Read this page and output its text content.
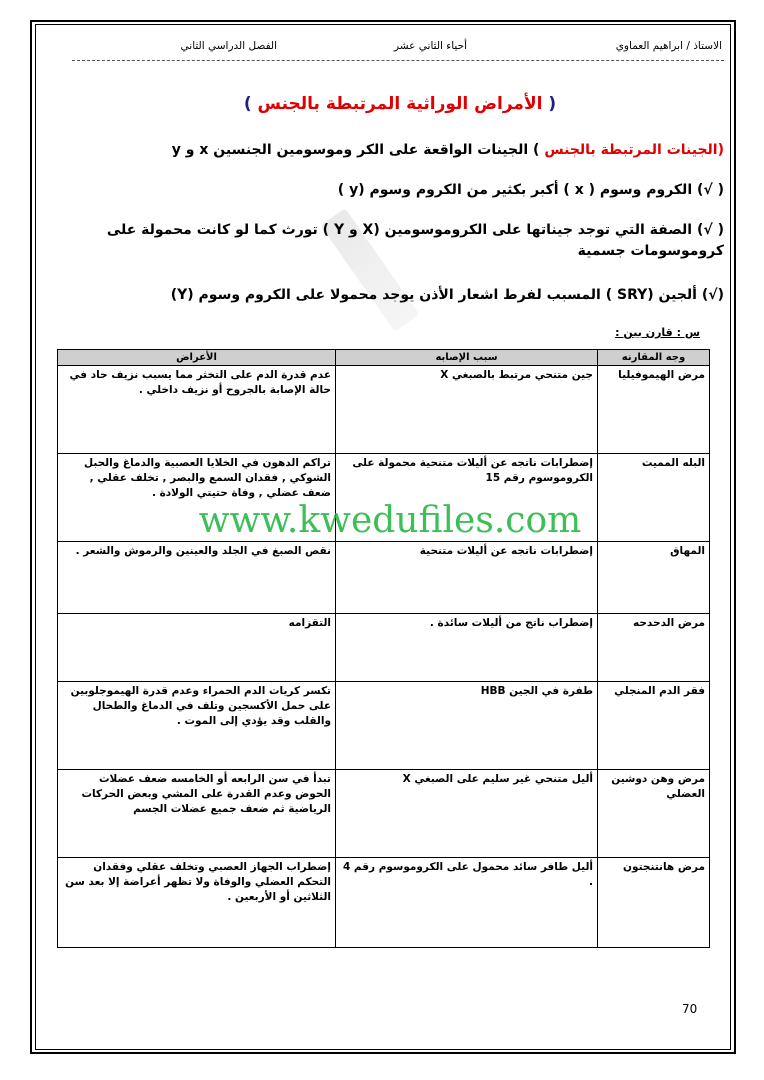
الاستاذ / ابراهيم العماوي
أحياء الثاني عشر
الفصل الدراسي الثاني
( الأمراض الوراثية المرتبطة بالجنس )
(الجينات المرتبطة بالجنس ) الجينات الواقعة على الكر وموسومين الجنسين x و y
( √) الكروم وسوم ( x ) أكبر بكثير من الكروم وسوم (y )
( √) الصفة التي توجد جيناتها على الكروموسومين (X و Y ) تورث كما لو كانت محمولة على كروموسومات جسمية
(√) ألجين (SRY ) المسبب لفرط اشعار الأذن يوجد محمولا على الكروم وسوم (Y)
س : قارن بين :
وجه المقارنه	سبب الإصابه	الأعراض
مرض الهيموفيليا	جين متنحي مرتبط بالصبغي X	عدم قدرة الدم على التخثر مما يسبب نزيف حاد في حالة الإصابة بالجروح أو نزيف داخلي .
البله المميت	إضطرابات ناتجه عن أليلات متنحية محمولة على الكروموسوم رقم 15	تراكم الدهون في الخلايا العصبية والدماغ والحبل الشوكي , فقدان السمع والبصر , تخلف عقلي , ضعف عضلي , وفاة حتيتي الولادة .
المهاق	إضطرابات ناتجه عن أليلات متنحية	نقص الصبغ في الجلد والعينين والرموش والشعر .
مرض الدحدحه	إضطراب ناتج من أليلات سائدة .	التقزامه
فقر الدم المنجلي	طفرة في الجين HBB	تكسر كريات الدم الحمراء وعدم قدرة الهيموجلوبين على حمل الأكسجين وتلف في الدماغ والطحال والقلب وقد يؤدي إلى الموت .
مرض وهن دوشين العضلي	أليل متنحي غير سليم على الصبغي X	تبدأ في سن الرابعه أو الخامسه ضعف عضلات الحوض وعدم القدرة على المشي وبعض الحركات الرياضية ثم ضعف جميع عضلات الجسم
مرض هانتنجتون	أليل طافر سائد محمول على الكروموسوم رقم 4 .	إضطراب الجهاز العصبي وتخلف عقلي وفقدان التحكم العضلي والوفاة ولا تظهر أعراضة إلا بعد سن الثلاثين أو الأربعين .
www.kwedufiles.com
70
